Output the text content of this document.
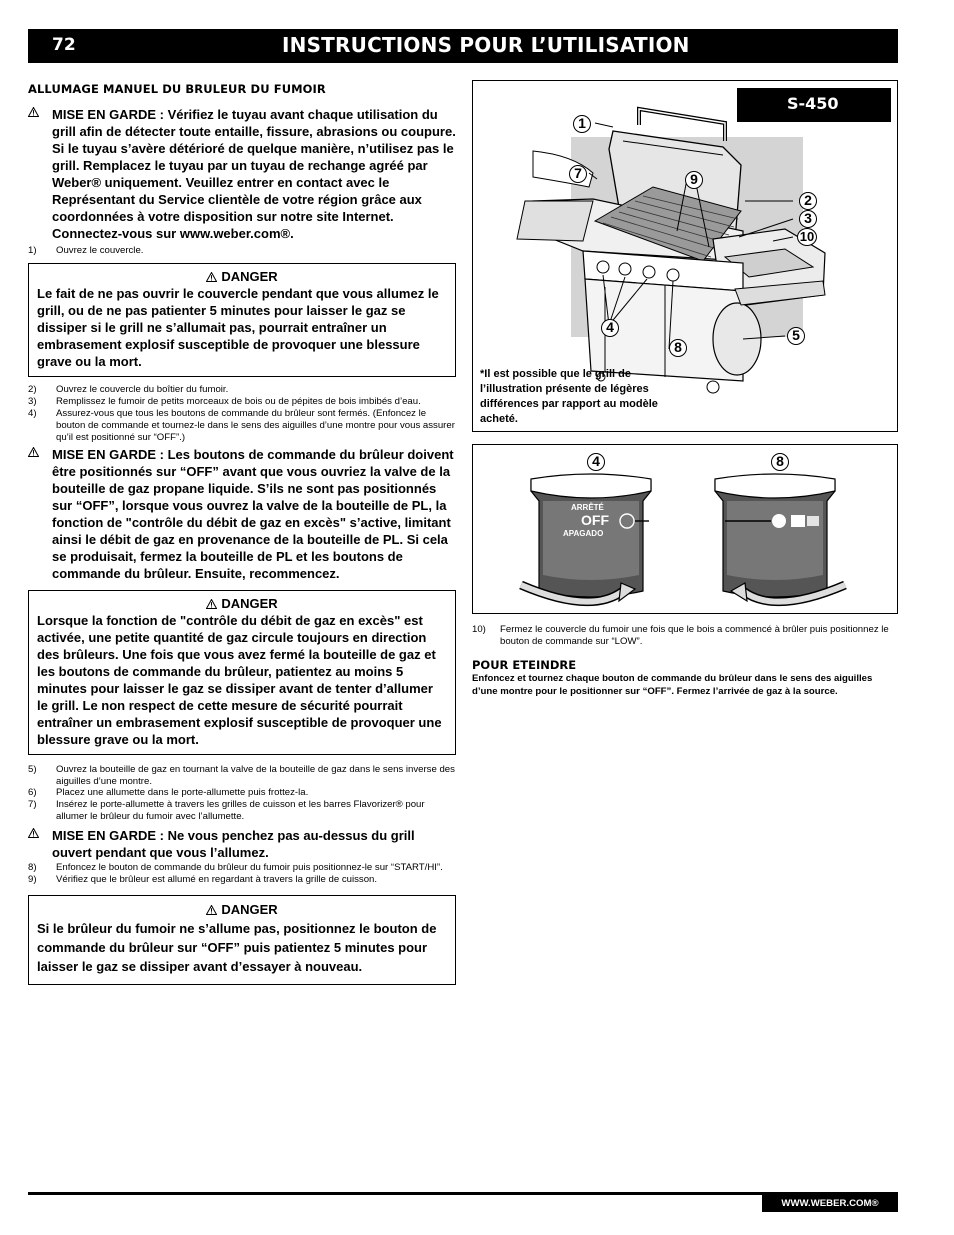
72	INSTRUCTIONS POUR L’UTILISATION
ALLUMAGE MANUEL DU BRULEUR DU FUMOIR
MISE EN GARDE : Vérifiez le tuyau avant chaque utilisation du grill afin de détecter toute entaille, fissure, abrasions ou coupure. Si le tuyau s’avère détérioré de quelque manière, n’utilisez pas le grill. Remplacez le tuyau par un tuyau de rechange agréé par Weber® uniquement. Veuillez entrer en contact avec le Représentant du Service clientèle de votre région grâce aux coordonnées à votre disposition sur notre site Internet. Connectez-vous sur www.weber.com®.
1) Ouvrez le couvercle.
DANGER
Le fait de ne pas ouvrir le couvercle pendant que vous allumez le grill, ou de ne pas patienter 5 minutes pour laisser le gaz se dissiper si le grill ne s’allumait pas, pourrait entraîner un embrasement explosif susceptible de provoquer une blessure grave ou la mort.
2) Ouvrez le couvercle du boîtier du fumoir.
3) Remplissez le fumoir de petits morceaux de bois ou de pépites de bois imbibés d’eau.
4) Assurez-vous que tous les boutons de commande du brûleur sont fermés. (Enfoncez le bouton de commande et tournez-le dans le sens des aiguilles d’une montre pour vous assurer qu’il est positionné sur “OFF”.)
MISE EN GARDE : Les boutons de commande du brûleur doivent être positionnés sur “OFF” avant que vous ouvriez la valve de la bouteille de gaz propane liquide. S’ils ne sont pas positionnés sur “OFF”, lorsque vous ouvrez la valve de la bouteille de PL, la fonction de "contrôle du débit de gaz en excès" s’active, limitant ainsi le débit de gaz en provenance de la bouteille de PL. Si cela se produisait, fermez la bouteille de PL et les boutons de commande du brûleur. Ensuite, recommencez.
DANGER
Lorsque la fonction de "contrôle du débit de gaz en excès" est activée, une petite quantité de gaz circule toujours en direction des brûleurs. Une fois que vous avez fermé la bouteille de gaz et les boutons de commande du brûleur, patientez au moins 5 minutes pour laisser le gaz se dissiper avant de tenter d’allumer le grill. Le non respect de cette mesure de sécurité pourrait entraîner un embrasement explosif susceptible de provoquer une blessure grave ou la mort.
5) Ouvrez la bouteille de gaz en tournant la valve de la bouteille de gaz dans le sens inverse des aiguilles d’une montre.
6) Placez une allumette dans le porte-allumette puis frottez-la.
7) Insérez le porte-allumette à travers les grilles de cuisson et les barres Flavorizer® pour allumer le brûleur du fumoir avec l’allumette.
MISE EN GARDE : Ne vous penchez pas au-dessus du grill ouvert pendant que vous l’allumez.
8) Enfoncez le bouton de commande du brûleur du fumoir puis positionnez-le sur “START/HI”.
9) Vérifiez que le brûleur est allumé en regardant à travers la grille de cuisson.
DANGER
Si le brûleur du fumoir ne s’allume pas, positionnez le bouton de commande du brûleur sur “OFF” puis patientez 5 minutes pour laisser le gaz se dissiper avant d’essayer à nouveau.
S-450
1
7	9
2
3
10
4
8
5
*Il est possible que le grill de l’illustration présente de légères différences par rapport au modèle acheté.
4	8
ARRÊTÉ
OFF
APAGADO
10) Fermez le couvercle du fumoir une fois que le bois a commencé à brûler puis positionnez le bouton de commande sur “LOW”.
POUR ETEINDRE
Enfoncez et tournez chaque bouton de commande du brûleur dans le sens des aiguilles d’une montre pour le positionner sur “OFF”. Fermez l’arrivée de gaz à la source.
WWW.WEBER.COM®
